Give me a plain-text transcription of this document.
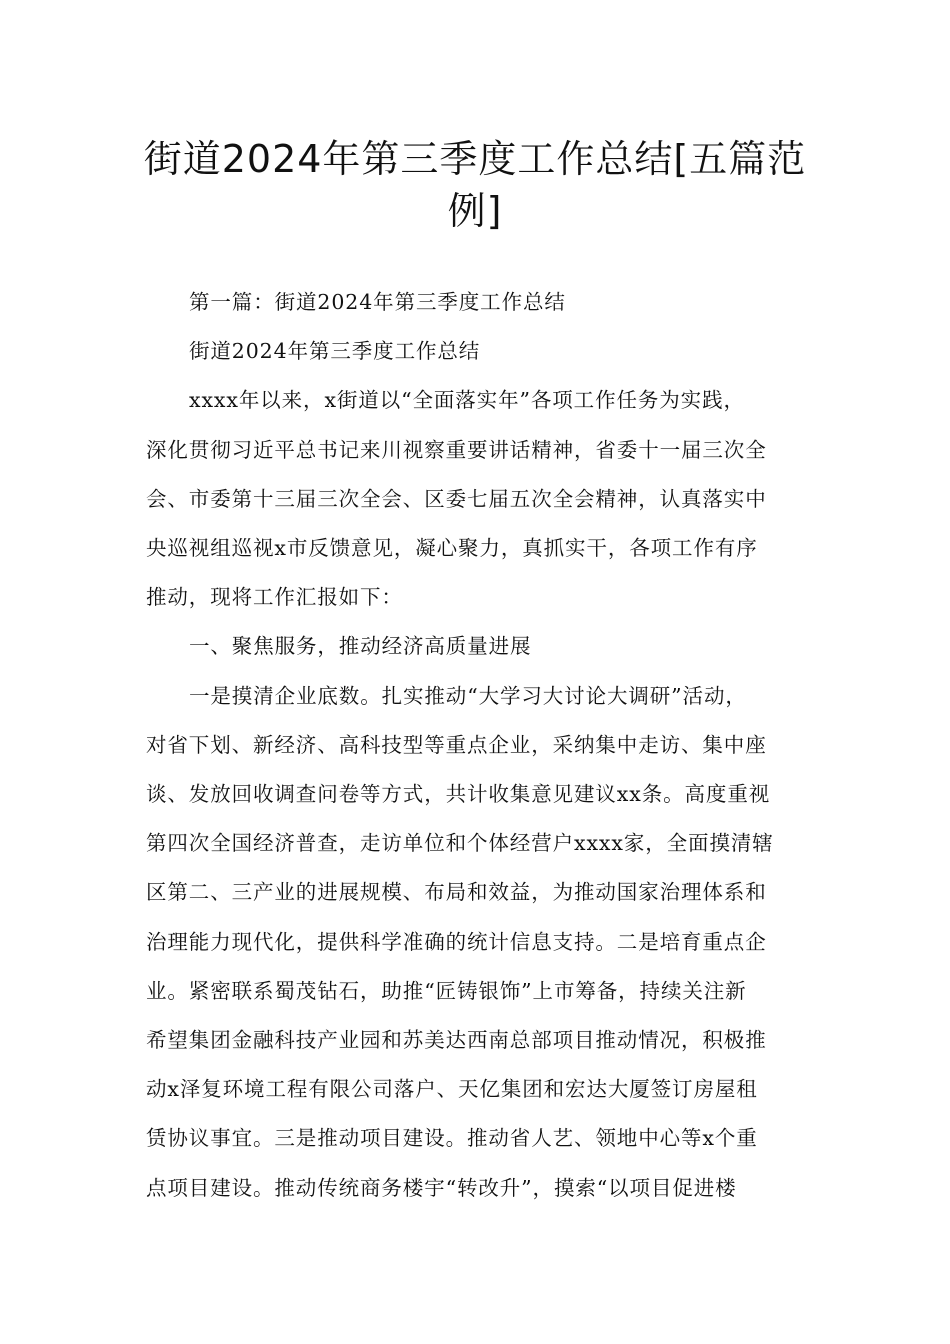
街道2024年第三季度工作总结[五篇范
例]

第一篇：街道2024年第三季度工作总结

街道2024年第三季度工作总结

xxxx年以来，x街道以“全面落实年”各项工作任务为实践，

深化贯彻习近平总书记来川视察重要讲话精神，省委十一届三次全

会、市委第十三届三次全会、区委七届五次全会精神，认真落实中

央巡视组巡视x市反馈意见，凝心聚力，真抓实干，各项工作有序

推动，现将工作汇报如下：

一、聚焦服务，推动经济高质量进展

一是摸清企业底数。扎实推动“大学习大讨论大调研”活动，

对省下划、新经济、高科技型等重点企业，采纳集中走访、集中座

谈、发放回收调查问卷等方式，共计收集意见建议xx条。高度重视

第四次全国经济普查，走访单位和个体经营户xxxx家，全面摸清辖

区第二、三产业的进展规模、布局和效益，为推动国家治理体系和

治理能力现代化，提供科学准确的统计信息支持。二是培育重点企

业。紧密联系蜀茂钻石，助推“匠铸银饰”上市筹备，持续关注新

希望集团金融科技产业园和苏美达西南总部项目推动情况，积极推

动x泽复环境工程有限公司落户、天亿集团和宏达大厦签订房屋租

赁协议事宜。三是推动项目建设。推动省人艺、领地中心等x个重

点项目建设。推动传统商务楼宇“转改升”，摸索“以项目促进楼
